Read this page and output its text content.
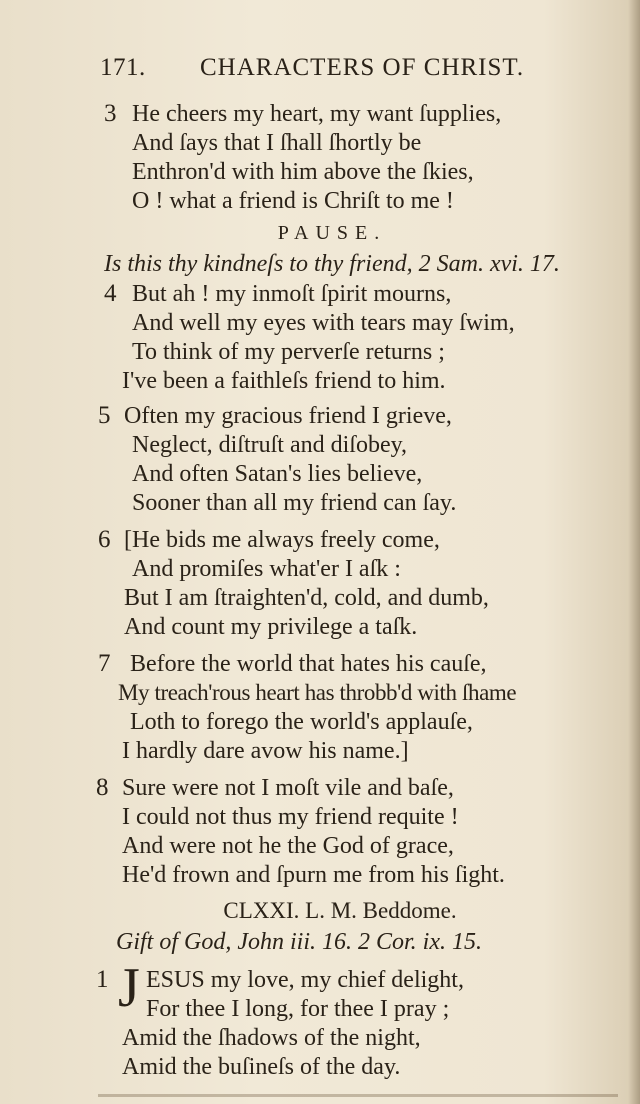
171. CHARACTERS OF CHRIST.
3 He cheers my heart, my want ſupplies,
And ſays that I ſhall ſhortly be
Enthron'd with him above the ſkies,
O ! what a friend is Chriſt to me !
PAUSE.
Is this thy kindneſs to thy friend, 2 Sam. xvi. 17.
4 But ah ! my inmoſt ſpirit mourns,
And well my eyes with tears may ſwim,
To think of my perverſe returns ;
I've been a faithleſs friend to him.
5 Often my gracious friend I grieve,
Neglect, diſtruſt and diſobey,
And often Satan's lies believe,
Sooner than all my friend can ſay.
6 [He bids me always freely come,
And promiſes what'er I aſk :
But I am ſtraighten'd, cold, and dumb,
And count my privilege a taſk.
7 Before the world that hates his cauſe,
My treach'rous heart has throbb'd with ſhame
Loth to forego the world's applauſe,
I hardly dare avow his name.]
8 Sure were not I moſt vile and baſe,
I could not thus my friend requite !
And were not he the God of grace,
He'd frown and ſpurn me from his ſight.
CLXXI. L. M. Beddome.
Gift of God, John iii. 16. 2 Cor. ix. 15.
1 J ESUS my love, my chief delight,
For thee I long, for thee I pray ;
Amid the ſhadows of the night,
Amid the buſineſs of the day.
